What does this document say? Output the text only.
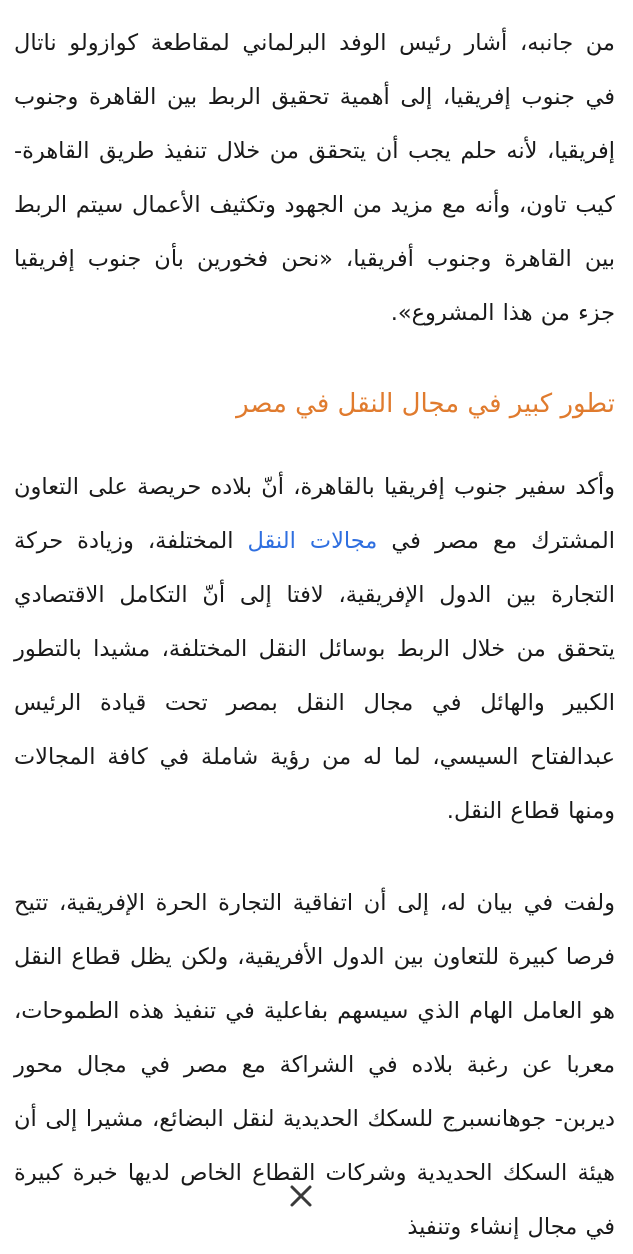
من جانبه، أشار رئيس الوفد البرلماني لمقاطعة كوازولو ناتال في جنوب إفريقيا، إلى أهمية تحقيق الربط بين القاهرة وجنوب إفريقيا، لأنه حلم يجب أن يتحقق من خلال تنفيذ طريق القاهرة- كيب تاون، وأنه مع مزيد من الجهود وتكثيف الأعمال سيتم الربط بين القاهرة وجنوب أفريقيا، «نحن فخورين بأن جنوب إفريقيا جزء من هذا المشروع».

تطور كبير في مجال النقل في مصر

وأكد سفير جنوب إفريقيا بالقاهرة، أنّ بلاده حريصة على التعاون المشترك مع مصر في مجالات النقل المختلفة، وزيادة حركة التجارة بين الدول الإفريقية، لافتا إلى أنّ التكامل الاقتصادي يتحقق من خلال الربط بوسائل النقل المختلفة، مشيدا بالتطور الكبير والهائل في مجال النقل بمصر تحت قيادة الرئيس عبدالفتاح السيسي، لما له من رؤية شاملة في كافة المجالات ومنها قطاع النقل.

ولفت في بيان له، إلى أن اتفاقية التجارة الحرة الإفريقية، تتيح فرصا كبيرة للتعاون بين الدول الأفريقية، ولكن يظل قطاع النقل هو العامل الهام الذي سيسهم بفاعلية في تنفيذ هذه الطموحات، معربا عن رغبة بلاده في الشراكة مع مصر في مجال محور ديربن- جوهانسبرج للسكك الحديدية لنقل البضائع، مشيرا إلى أن هيئة السكك الحديدية وشركات القطاع الخاص لديها خبرة كبيرة في مجال إنشاء وتنفيذ
